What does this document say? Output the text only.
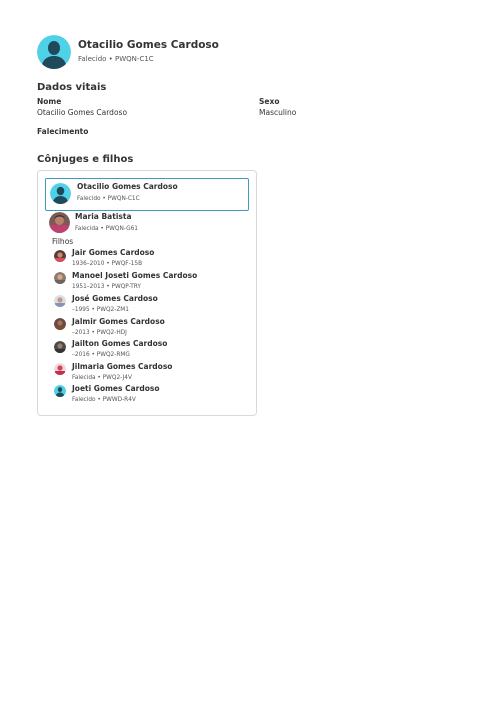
Otacilio Gomes Cardoso
Falecido • PWQN-C1C
Dados vitais
Nome
Otacilio Gomes Cardoso
Sexo
Masculino
Falecimento
Cônjuges e filhos
Otacilio Gomes Cardoso
Falecido • PWQN-C1C
Maria Batista
Falecida • PWQN-G61
Filhos
Jair Gomes Cardoso
1936–2010 • PWQF-15B
Manoel Joseti Gomes Cardoso
1951–2013 • PWQP-TRY
José Gomes Cardoso
–1995 • PWQ2-ZM1
Jalmir Gomes Cardoso
–2013 • PWQ2-HDJ
Jailton Gomes Cardoso
–2016 • PWQ2-RMG
Jilmaria Gomes Cardoso
Falecida • PWQ2-J4V
Joeti Gomes Cardoso
Falecido • PWWD-R4V
